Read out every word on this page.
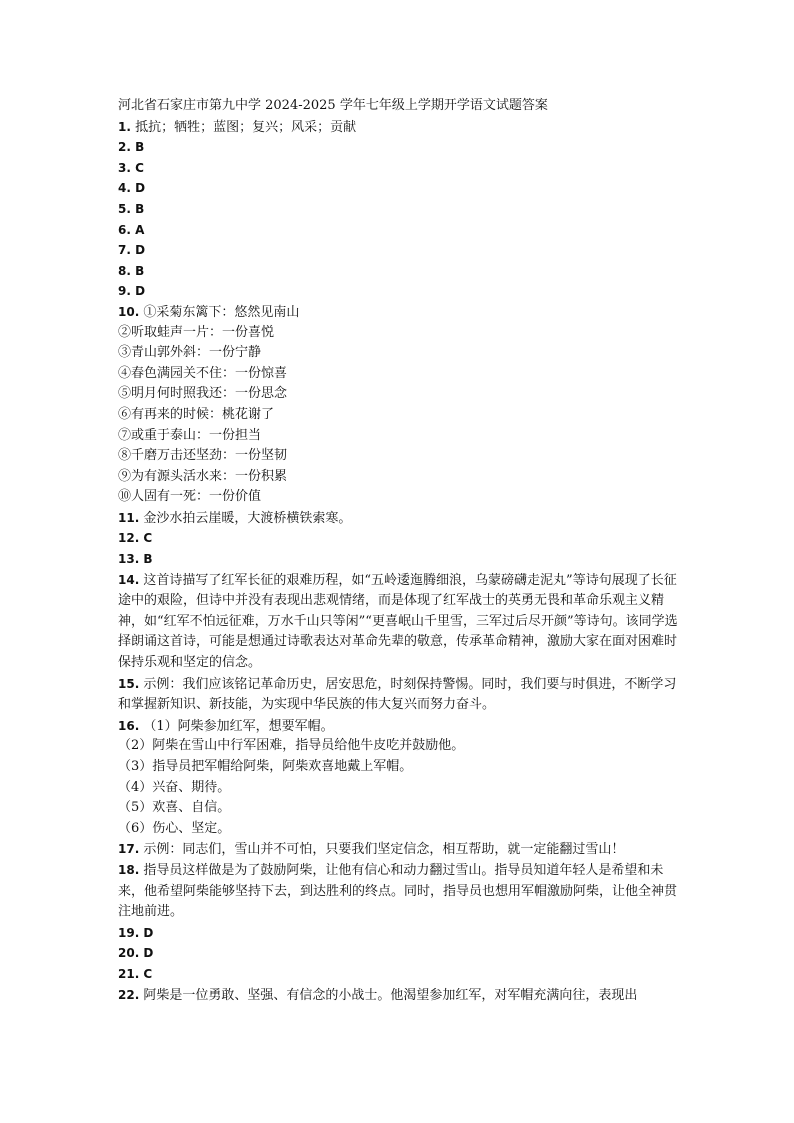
河北省石家庄市第九中学 2024-2025 学年七年级上学期开学语文试题答案
1. 抵抗；牺牲；蓝图；复兴；风采；贡献
2. B
3. C
4. D
5. B
6. A
7. D
8. B
9. D
10. ①采菊东篱下：悠然见南山
②听取蛙声一片：一份喜悦
③青山郭外斜：一份宁静
④春色满园关不住：一份惊喜
⑤明月何时照我还：一份思念
⑥有再来的时候：桃花谢了
⑦或重于泰山：一份担当
⑧千磨万击还坚劲：一份坚韧
⑨为有源头活水来：一份积累
⑩人固有一死：一份价值
11. 金沙水拍云崖暖，大渡桥横铁索寒。
12. C
13. B
14. 这首诗描写了红军长征的艰难历程，如“五岭逶迤腾细浪，乌蒙磅礴走泥丸”等诗句展现了长征途中的艰险，但诗中并没有表现出悲观情绪，而是体现了红军战士的英勇无畏和革命乐观主义精神，如“红军不怕远征难，万水千山只等闲”“更喜岷山千里雪，三军过后尽开颜”等诗句。该同学选择朗诵这首诗，可能是想通过诗歌表达对革命先辈的敬意，传承革命精神，激励大家在面对困难时保持乐观和坚定的信念。
15. 示例：我们应该铭记革命历史，居安思危，时刻保持警惕。同时，我们要与时俱进，不断学习和掌握新知识、新技能，为实现中华民族的伟大复兴而努力奋斗。
16. （1）阿柴参加红军，想要军帽。
（2）阿柴在雪山中行军困难，指导员给他牛皮吃并鼓励他。
（3）指导员把军帽给阿柴，阿柴欢喜地戴上军帽。
（4）兴奋、期待。
（5）欢喜、自信。
（6）伤心、坚定。
17. 示例：同志们，雪山并不可怕，只要我们坚定信念，相互帮助，就一定能翻过雪山！
18. 指导员这样做是为了鼓励阿柴，让他有信心和动力翻过雪山。指导员知道年轻人是希望和未来，他希望阿柴能够坚持下去，到达胜利的终点。同时，指导员也想用军帽激励阿柴，让他全神贯注地前进。
19. D
20. D
21. C
22. 阿柴是一位勇敢、坚强、有信念的小战士。他渴望参加红军，对军帽充满向往，表现出
